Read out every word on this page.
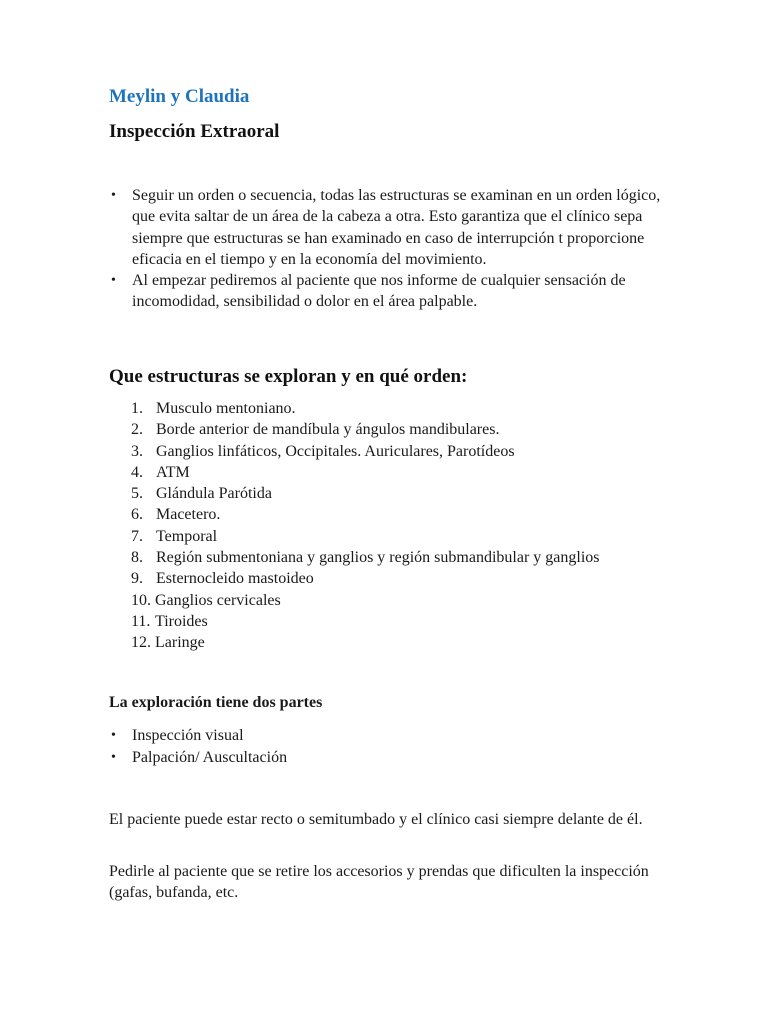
Meylin y Claudia
Inspección Extraoral
• Seguir un orden o secuencia, todas las estructuras se examinan en un orden lógico, que evita saltar de un área de la cabeza a otra. Esto garantiza que el clínico sepa siempre que estructuras se han examinado en caso de interrupción t proporcione eficacia en el tiempo y en la economía del movimiento.
• Al empezar pediremos al paciente que nos informe de cualquier sensación de incomodidad, sensibilidad o dolor en el área palpable.
Que estructuras se exploran y en qué orden:
1. Musculo mentoniano.
2. Borde anterior de mandíbula y ángulos mandibulares.
3. Ganglios linfáticos, Occipitales. Auriculares, Parotídeos
4. ATM
5. Glándula Parótida
6. Macetero.
7. Temporal
8. Región submentoniana y ganglios y región submandibular y ganglios
9. Esternocleido mastoideo
10. Ganglios cervicales
11. Tiroides
12. Laringe
La exploración tiene dos partes
• Inspección visual
• Palpación/ Auscultación

El paciente puede estar recto o semitumbado y el clínico casi siempre delante de él.

Pedirle al paciente que se retire los accesorios y prendas que dificulten la inspección (gafas, bufanda, etc.
